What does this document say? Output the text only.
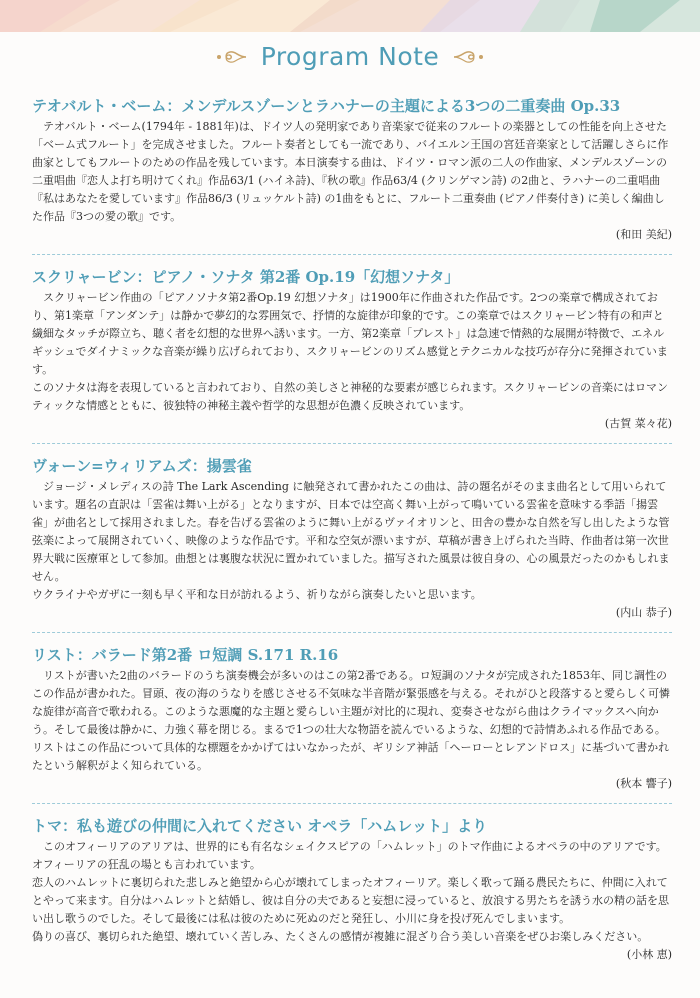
Program Note

テオバルト・ベーム：メンデルスゾーンとラハナーの主題による3つの二重奏曲 Op.33

テオバルト・ベーム(1794年 - 1881年)は、ドイツ人の発明家であり音楽家で従来のフルートの楽器としての性能を向上させた「ベーム式フルート」を完成させました。フルート奏者としても一流であり、バイエルン王国の宮廷音楽家として活躍しさらに作曲家としてもフルートのための作品を残しています。本日演奏する曲は、ドイツ・ロマン派の二人の作曲家、メンデルスゾーンの二重唱曲『恋人よ打ち明けてくれ』作品63/1 (ハイネ詩)、『秋の歌』作品63/4 (クリンゲマン詩) の2曲と、ラハナーの二重唱曲『私はあなたを愛しています』作品86/3 (リュッケルト詩) の1曲をもとに、フルート二重奏曲 (ピアノ伴奏付き) に美しく編曲した作品『3つの愛の歌』です。

(和田 美紀)

スクリャービン：ピアノ・ソナタ 第2番 Op.19「幻想ソナタ」

スクリャービン作曲の「ピアノソナタ第2番Op.19 幻想ソナタ」は1900年に作曲された作品です。2つの楽章で構成されており、第1楽章「アンダンテ」は静かで夢幻的な雰囲気で、抒情的な旋律が印象的です。この楽章ではスクリャービン特有の和声と繊細なタッチが際立ち、聴く者を幻想的な世界へ誘います。一方、第2楽章「プレスト」は急速で情熱的な展開が特徴で、エネルギッシュでダイナミックな音楽が繰り広げられており、スクリャービンのリズム感覚とテクニカルな技巧が存分に発揮されています。

このソナタは海を表現していると言われており、自然の美しさと神秘的な要素が感じられます。スクリャービンの音楽にはロマンティックな情感とともに、彼独特の神秘主義や哲学的な思想が色濃く反映されています。

(古賀 菜々花)

ヴォーン=ウィリアムズ：揚雲雀

ジョージ・メレディスの詩 The Lark Ascending に触発されて書かれたこの曲は、詩の題名がそのまま曲名として用いられています。題名の直訳は「雲雀は舞い上がる」となりますが、日本では空高く舞い上がって鳴いている雲雀を意味する季語「揚雲雀」が曲名として採用されました。春を告げる雲雀のように舞い上がるヴァイオリンと、田舎の豊かな自然を写し出したような管弦楽によって展開されていく、映像のような作品です。平和な空気が漂いますが、草稿が書き上げられた当時、作曲者は第一次世界大戦に医療軍として参加。曲想とは裏腹な状況に置かれていました。描写された風景は彼自身の、心の風景だったのかもしれません。

ウクライナやガザに一刻も早く平和な日が訪れるよう、祈りながら演奏したいと思います。

(内山 恭子)

リスト：バラード第2番 ロ短調 S.171 R.16

リストが書いた2曲のバラードのうち演奏機会が多いのはこの第2番である。ロ短調のソナタが完成された1853年、同じ調性のこの作品が書かれた。冒頭、夜の海のうなりを感じさせる不気味な半音階が緊張感を与える。それがひと段落すると愛らしく可憐な旋律が高音で歌われる。このような悪魔的な主題と愛らしい主題が対比的に現れ、変奏させながら曲はクライマックスへ向かう。そして最後は静かに、力強く幕を閉じる。まるで1つの壮大な物語を読んでいるような、幻想的で詩情あふれる作品である。リストはこの作品について具体的な標題をかかげてはいなかったが、ギリシア神話「ヘーローとレアンドロス」に基づいて書かれたという解釈がよく知られている。

(秋本 響子)

トマ：私も遊びの仲間に入れてください オペラ「ハムレット」より

このオフィーリアのアリアは、世界的にも有名なシェイクスピアの「ハムレット」のトマ作曲によるオペラの中のアリアです。オフィーリアの狂乱の場とも言われています。

恋人のハムレットに裏切られた悲しみと絶望から心が壊れてしまったオフィーリア。楽しく歌って踊る農民たちに、仲間に入れてとやって来ます。自分はハムレットと結婚し、彼は自分の夫であると妄想に浸っていると、放浪する男たちを誘う水の精の話を思い出し歌うのでした。そして最後には私は彼のために死ぬのだと発狂し、小川に身を投げ死んでしまいます。

偽りの喜び、裏切られた絶望、壊れていく苦しみ、たくさんの感情が複雑に混ざり合う美しい音楽をぜひお楽しみください。

(小林 恵)
